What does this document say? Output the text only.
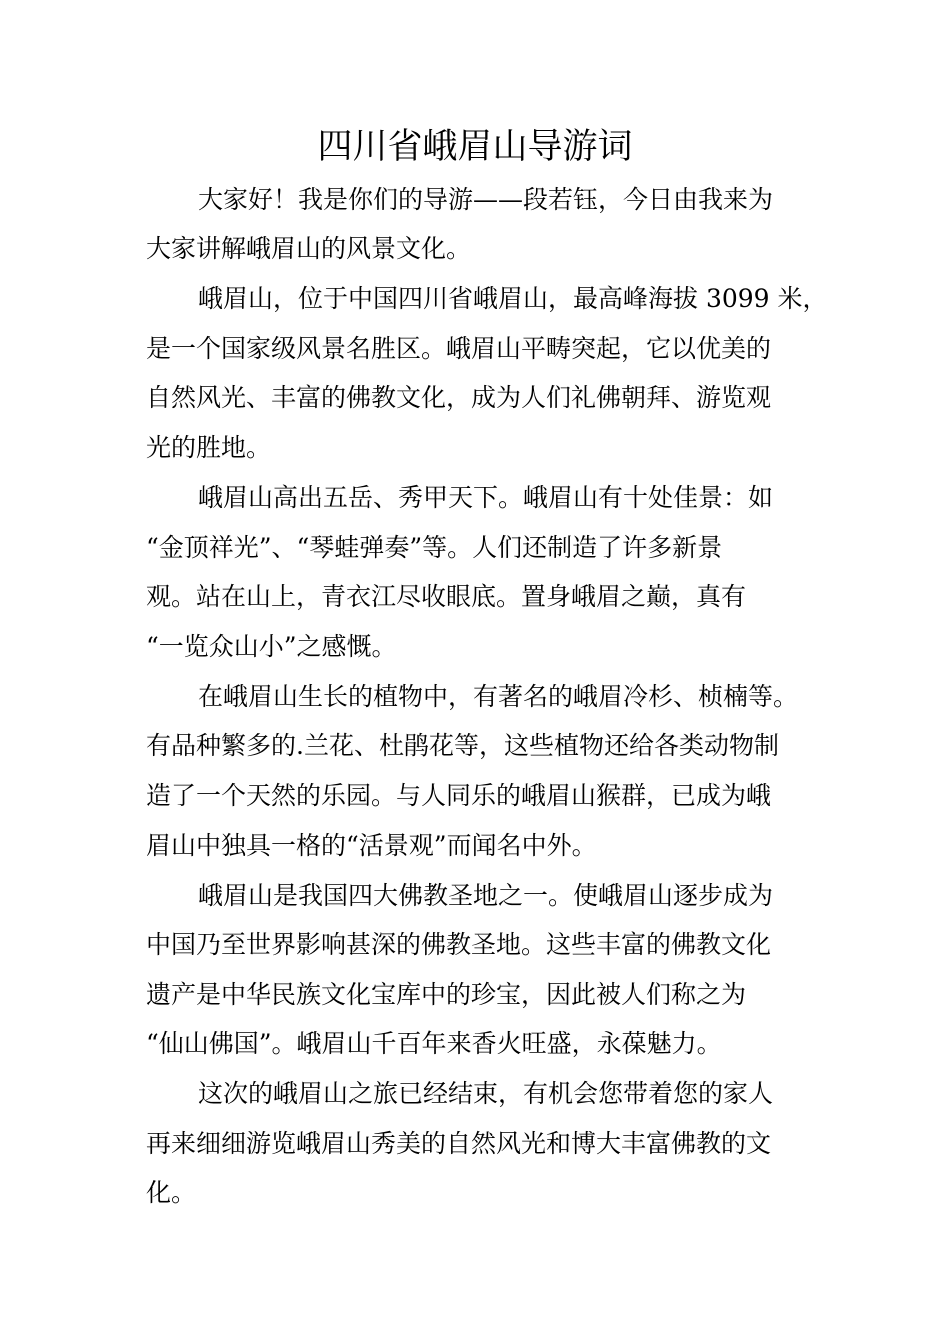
四川省峨眉山导游词

大家好！我是你们的导游——段若钰，今日由我来为

大家讲解峨眉山的风景文化。

峨眉山，位于中国四川省峨眉山，最高峰海拔 3099 米，

是一个国家级风景名胜区。峨眉山平畴突起，它以优美的

自然风光、丰富的佛教文化，成为人们礼佛朝拜、游览观

光的胜地。

峨眉山高出五岳、秀甲天下。峨眉山有十处佳景：如

“金顶祥光”、“琴蛙弹奏”等。人们还制造了许多新景

观。站在山上，青衣江尽收眼底。置身峨眉之巅，真有

“一览众山小”之感慨。

在峨眉山生长的植物中，有著名的峨眉冷杉、桢楠等。

有品种繁多的.兰花、杜鹃花等，这些植物还给各类动物制

造了一个天然的乐园。与人同乐的峨眉山猴群，已成为峨

眉山中独具一格的“活景观”而闻名中外。

峨眉山是我国四大佛教圣地之一。使峨眉山逐步成为

中国乃至世界影响甚深的佛教圣地。这些丰富的佛教文化

遗产是中华民族文化宝库中的珍宝，因此被人们称之为

“仙山佛国”。峨眉山千百年来香火旺盛，永葆魅力。

这次的峨眉山之旅已经结束，有机会您带着您的家人

再来细细游览峨眉山秀美的自然风光和博大丰富佛教的文

化。
